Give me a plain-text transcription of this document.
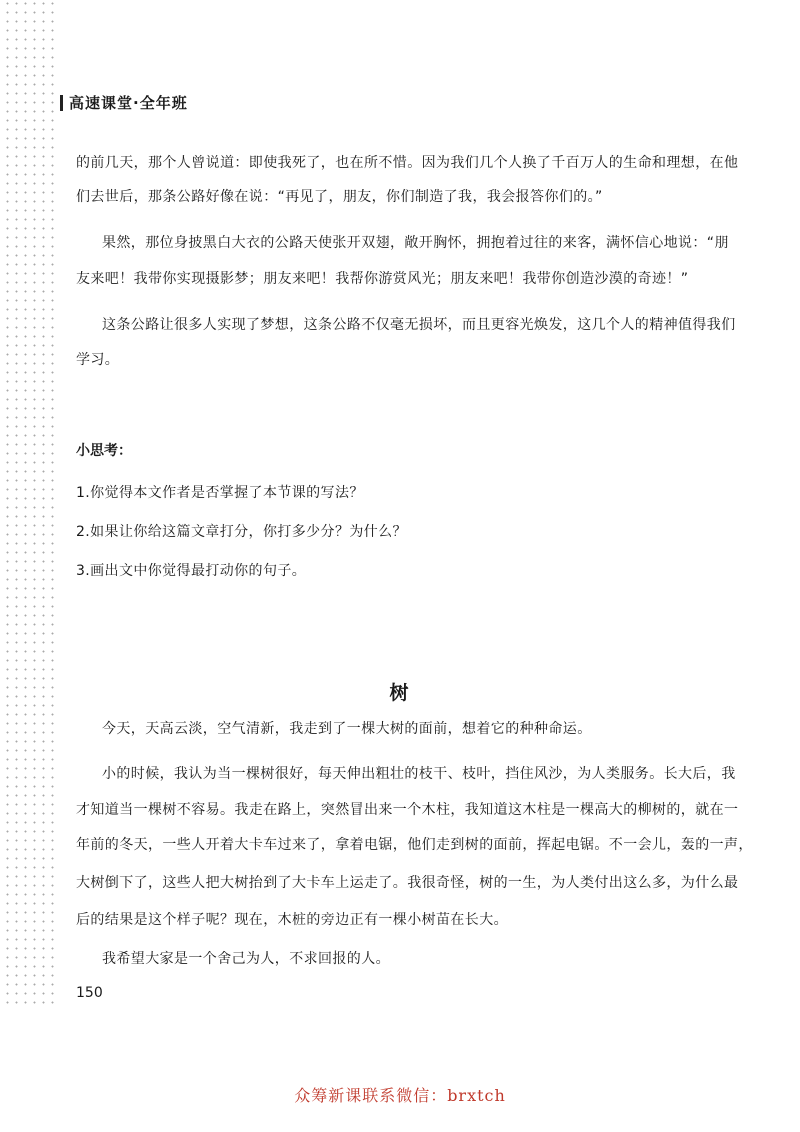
高速课堂·全年班
的前几天，那个人曾说道：即使我死了，也在所不惜。因为我们几个人换了千百万人的生命和理想，在他
们去世后，那条公路好像在说：“再见了，朋友，你们制造了我，我会报答你们的。”
果然，那位身披黑白大衣的公路天使张开双翅，敞开胸怀，拥抱着过往的来客，满怀信心地说：“朋
友来吧！我带你实现摄影梦；朋友来吧！我帮你游赏风光；朋友来吧！我带你创造沙漠的奇迹！”
这条公路让很多人实现了梦想，这条公路不仅毫无损坏，而且更容光焕发，这几个人的精神值得我们
学习。
小思考：
1.你觉得本文作者是否掌握了本节课的写法？
2.如果让你给这篇文章打分，你打多少分？为什么？
3.画出文中你觉得最打动你的句子。
树
今天，天高云淡，空气清新，我走到了一棵大树的面前，想着它的种种命运。
小的时候，我认为当一棵树很好，每天伸出粗壮的枝干、枝叶，挡住风沙，为人类服务。长大后，我
才知道当一棵树不容易。我走在路上，突然冒出来一个木柱，我知道这木柱是一棵高大的柳树的，就在一
年前的冬天，一些人开着大卡车过来了，拿着电锯，他们走到树的面前，挥起电锯。不一会儿，轰的一声，
大树倒下了，这些人把大树抬到了大卡车上运走了。我很奇怪，树的一生，为人类付出这么多，为什么最
后的结果是这个样子呢？现在，木桩的旁边正有一棵小树苗在长大。
我希望大家是一个舍己为人，不求回报的人。
150
众筹新课联系微信：brxtch
